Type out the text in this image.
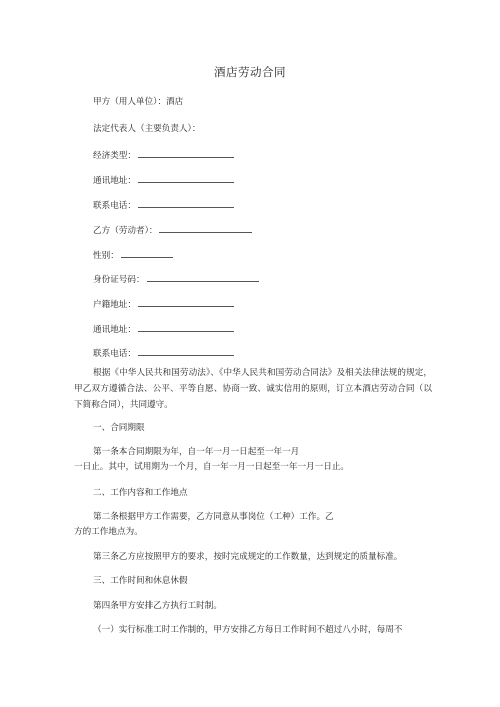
酒店劳动合同
甲方（用人单位）：酒店
法定代表人（主要负责人）：
经济类型：
通讯地址：
联系电话：
乙方（劳动者）：
性别：
身份证号码：
户籍地址：
通讯地址：
联系电话：
根据《中华人民共和国劳动法》、《中华人民共和国劳动合同法》及相关法律法规的规定，甲乙双方遵循合法、公平、平等自愿、协商一致、诚实信用的原则，订立本酒店劳动合同（以下简称合同），共同遵守。
一、合同期限
第一条本合同期限为年，自一年一月一日起至一年一月
一日止。其中，试用期为一个月，自一年一月一日起至一年一月一日止。
二、工作内容和工作地点
第二条根据甲方工作需要，乙方同意从事岗位（工种）工作。乙
方的工作地点为。
第三条乙方应按照甲方的要求，按时完成规定的工作数量，达到规定的质量标准。
三、工作时间和休息休假
第四条甲方安排乙方执行工时制。
（一）实行标准工时工作制的，甲方安排乙方每日工作时间不超过八小时，每周不
